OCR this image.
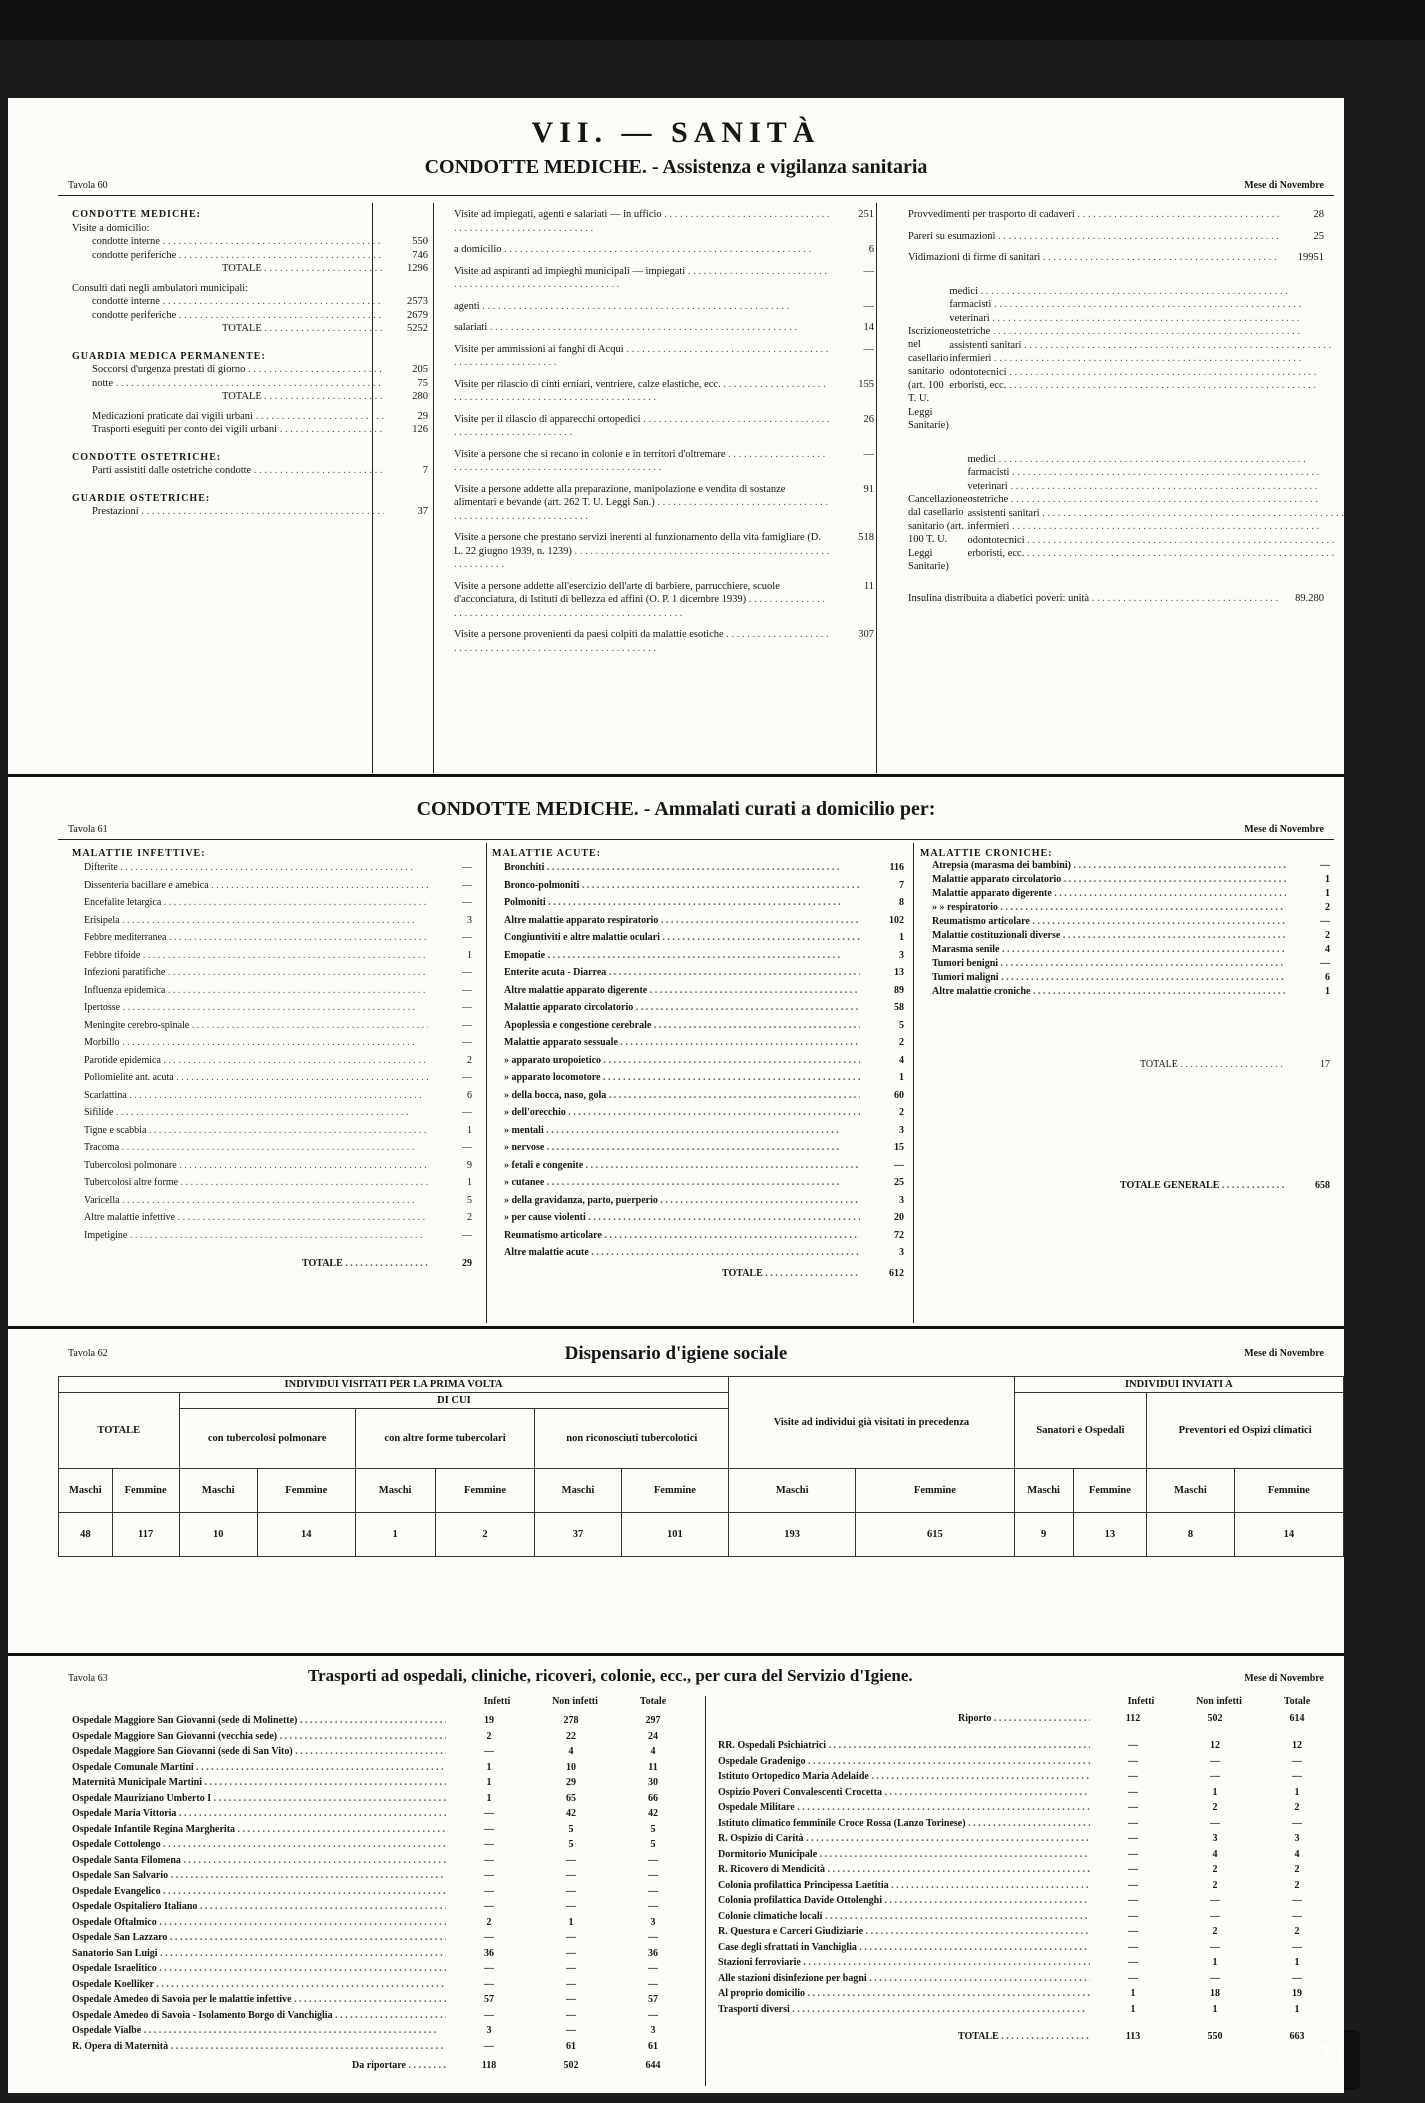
VII. — SANITÀ
CONDOTTE MEDICHE. - Assistenza e vigilanza sanitaria
Tavola 60	Mese di Novembre
CONDOTTE MEDICHE:
Visite a domicilio:
condotte interne . . .	550
condotte periferiche . . .	746
TOTALE . . .	1296
Consulti dati negli ambulatori municipali:
condotte interne . . .	2573
condotte periferiche . . .	2679
TOTALE . . .	5252
GUARDIA MEDICA PERMANENTE:
Soccorsi d'urgenza prestati di giorno . . .	205
notte . . .	75
TOTALE . . .	280
Medicazioni praticate dai vigili urbani . . .	29
Trasporti eseguiti per conto dei vigili urbani . . .	126
CONDOTTE OSTETRICHE:
Parti assistiti dalle ostetriche condotte . . .	7
GUARDIE OSTETRICHE:
Prestazioni . . .	37
Visite ad impiegati, agenti e salariati — in ufficio . . .	251
a domicilio . . .	6
Visite ad aspiranti ad impieghi municipali — impiegati . . .	—
agenti . . .	—
salariati . . .	14
Visite per ammissioni ai fanghi di Acqui . . .	—
Visite per rilascio di cinti erniari, ventriere, calze elastiche, ecc. . . .	155
Visite per il rilascio di apparecchi ortopedici . . .	26
Visite a persone che si recano in colonie e in territori d'oltremare . . .	—
Visite a persone addette alla preparazione, manipolazione e vendita di sostanze alimentari e bevande (art. 262 T. U. Leggi San.) . . .
91
Visite a persone che prestano servizi inerenti al funzionamento della vita famigliare (D. L. 22 giugno 1939, n. 1239) . . .
518
Visite a persone addette all'esercizio dell'arte di barbiere, parrucchiere, scuole d'acconciatura, di Istituti di bellezza ed affini (O. P. 1 dicembre 1939) . . .
11
Visite a persone provenienti da paesi colpiti da malattie esotiche . . .	307
Provvedimenti per trasporto di cadaveri . . .	28
Pareri su esumazioni . . .	25
Vidimazioni di firme di sanitari . . .	19951
Iscrizione nel casellario sanitario (art. 100 T. U. Leggi Sanitarie)
medici . . .
farmacisti . . .
veterinari . . .
ostetriche . . .
assistenti sanitari . . .
infermieri . . .
odontotecnici . . .
erboristi, ecc. . . .
Cancellazione dal casellario sanitario (art. 100 T. U. Leggi Sanitarie)
medici . . .
farmacisti . . .
veterinari . . .
ostetriche . . .
assistenti sanitari . . .
infermieri . . .
odontotecnici . . .
erboristi, ecc. . . .
Insulina distribuita a diabetici poveri: unità . . .	89.280
CONDOTTE MEDICHE. - Ammalati curati a domicilio per:
Tavola 61	Mese di Novembre
MALATTIE INFETTIVE:
Difterite . . .	—
Dissenteria bacillare e amebica . . .	—
Encefalite letargica . . .	—
Erisipela . . .	3
Febbre mediterranea . . .	—
Febbre tifoide . . .	1
Infezioni paratifiche . . .	—
Influenza epidemica . . .	—
Ipertosse . . .	—
Meningite cerebro-spinale . . .	—
Morbillo . . .	—
Parotide epidemica . . .	2
Poliomielite ant. acuta . . .	—
Scarlattina . . .	6
Sifilide . . .	—
Tigne e scabbia . . .	1
Tracoma . . .	—
Tubercolosi polmonare . . .	9
Tubercolosi altre forme . . .	1
Varicella . . .	5
Altre malattie infettive . . .	2
Impetigine . . .	—
TOTALE . . .	29
MALATTIE ACUTE:
Bronchiti . . .	116
Bronco-polmoniti . . .	7
Polmoniti . . .	8
Altre malattie apparato respiratorio . . .	102
Congiuntiviti e altre malattie oculari . . .	1
Emopatie . . .	3
Enterite acuta - Diarrea . . .	13
Altre malattie apparato digerente . . .	89
Malattie apparato circolatorio . . .	58
Apoplessia e congestione cerebrale . . .	5
Malattie apparato sessuale . . .	2
» apparato uropoietico . . .	4
» apparato locomotore . . .	1
» della bocca, naso, gola . . .	60
» dell'orecchio . . .	2
» mentali . . .	3
» nervose . . .	15
» fetali e congenite . . .	—
» cutanee . . .	25
» della gravidanza, parto, puerperio . . .	3
» per cause violenti . . .	20
Reumatismo articolare . . .	72
Altre malattie acute . . .	3
TOTALE . . .	612
MALATTIE CRONICHE:
Atrepsia (marasma dei bambini) . . .	—
Malattie apparato circolatorio . . .	1
Malattie apparato digerente . . .	1
» » respiratorio . . .	2
Reumatismo articolare . . .	—
Malattie costituzionali diverse . . .	2
Marasma senile . . .	4
Tumori benigni . . .	—
Tumori maligni . . .	6
Altre malattie croniche . . .	1
TOTALE . . .	17
TOTALE GENERALE . . .	658
Tavola 62	Dispensario d'igiene sociale	Mese di Novembre
INDIVIDUI VISITATI PER LA PRIMA VOLTA								Visite ad individui già visitati in precedenza		INDIVIDUI INVIATI A			
TOTALE		DI CUI								Sanatori e Ospedali		Preventori ed Ospizi climatici	
		con tubercolosi polmonare		con altre forme tubercolari		non riconosciuti tubercolotici							
Maschi	Femmine	Maschi	Femmine	Maschi	Femmine	Maschi	Femmine	Maschi	Femmine	Maschi	Femmine	Maschi	Femmine
48	117	10	14	1	2	37	101	193	615	9	13	8	14
Tavola 63	Trasporti ad ospedali, cliniche, ricoveri, colonie, ecc., per cura del Servizio d'Igiene.	Mese di Novembre
Infetti	Non infetti	Totale
Ospedale Maggiore San Giovanni (sede di Molinette) . . .	19	278	297
Ospedale Maggiore San Giovanni (vecchia sede) . . .	2	22	24
Ospedale Maggiore San Giovanni (sede di San Vito) . . .	—	4	4
Ospedale Comunale Martini . . .	1	10	11
Maternità Municipale Martini . . .	1	29	30
Ospedale Mauriziano Umberto I . . .	1	65	66
Ospedale Maria Vittoria . . .	—	42	42
Ospedale Infantile Regina Margherita . . .	—	5	5
Ospedale Cottolengo . . .	—	5	5
Ospedale Santa Filomena . . .	—	—	—
Ospedale San Salvario . . .	—	—	—
Ospedale Evangelico . . .	—	—	—
Ospedale Ospitaliero Italiano . . .	—	—	—
Ospedale Oftalmico . . .	2	1	3
Ospedale San Lazzaro . . .	—	—	—
Sanatorio San Luigi . . .	36	—	36
Ospedale Israelitico . . .	—	—	—
Ospedale Koelliker . . .	—	—	—
Ospedale Amedeo di Savoia per le malattie infettive . . .	57	—	57
Ospedale Amedeo di Savoia - Isolamento Borgo di Vanchiglia . . .	—	—	—
Ospedale Vialbe . . .	3	—	3
R. Opera di Maternità . . .	—	61	61
Da riportare . . .	118	502	644
Infetti	Non infetti	Totale
Riporto . . .	112	502	614
RR. Ospedali Psichiatrici . . .	—	12	12
Ospedale Gradenigo . . .	—	—	—
Istituto Ortopedico Maria Adelaide . . .	—	—	—
Ospizio Poveri Convalescenti Crocetta . . .	—	1	1
Ospedale Militare . . .	—	2	2
Istituto climatico femminile Croce Rossa (Lanzo Torinese) . . .	—	—	—
R. Ospizio di Carità . . .	—	3	3
Dormitorio Municipale . . .	—	4	4
R. Ricovero di Mendicità . . .	—	2	2
Colonia profilattica Principessa Laetitia . . .	—	2	2
Colonia profilattica Davide Ottolenghi . . .	—	—	—
Colonie climatiche locali . . .	—	—	—
R. Questura e Carceri Giudiziarie . . .	—	2	2
Case degli sfrattati in Vanchiglia . . .	—	—	—
Stazioni ferroviarie . . .	—	1	1
Alle stazioni disinfezione per bagni . . .	—	—	—
Al proprio domicilio . . .	1	18	19
Trasporti diversi . . .	1	1	1
TOTALE . . .	113	550	663
35
